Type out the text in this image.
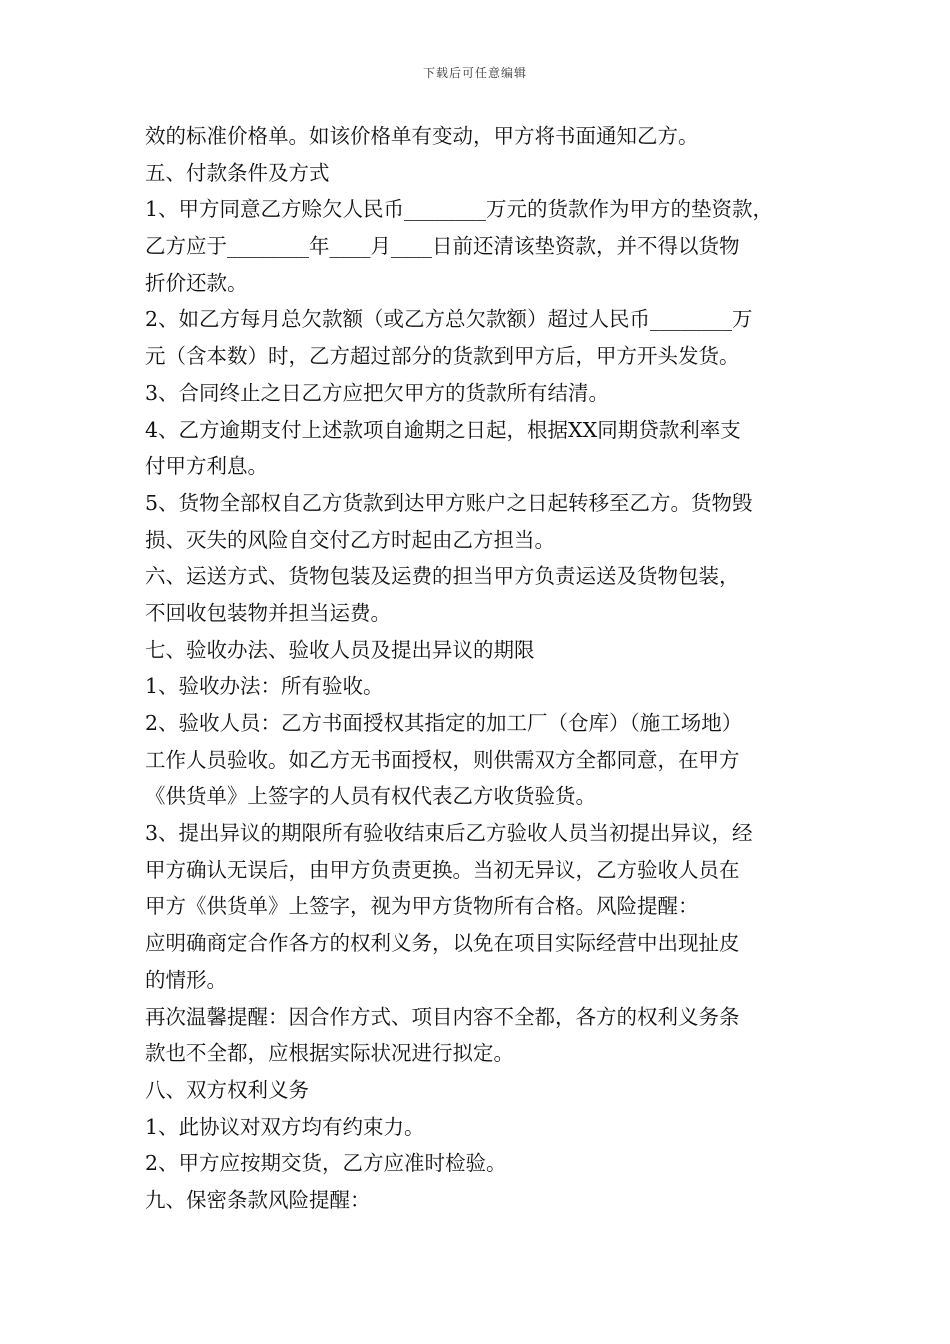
下载后可任意编辑
效的标准价格单。如该价格单有变动，甲方将书面通知乙方。
五、付款条件及方式
1、甲方同意乙方赊欠人民币________万元的货款作为甲方的垫资款，
乙方应于________年____月____日前还清该垫资款，并不得以货物
折价还款。
2、如乙方每月总欠款额（或乙方总欠款额）超过人民币________万
元（含本数）时，乙方超过部分的货款到甲方后，甲方开头发货。
3、合同终止之日乙方应把欠甲方的货款所有结清。
4、乙方逾期支付上述款项自逾期之日起，根据XX同期贷款利率支
付甲方利息。
5、货物全部权自乙方货款到达甲方账户之日起转移至乙方。货物毁
损、灭失的风险自交付乙方时起由乙方担当。
六、运送方式、货物包装及运费的担当甲方负责运送及货物包装，
不回收包装物并担当运费。
七、验收办法、验收人员及提出异议的期限
1、验收办法：所有验收。
2、验收人员：乙方书面授权其指定的加工厂（仓库）（施工场地）
工作人员验收。如乙方无书面授权，则供需双方全都同意，在甲方
《供货单》上签字的人员有权代表乙方收货验货。
3、提出异议的期限所有验收结束后乙方验收人员当初提出异议，经
甲方确认无误后，由甲方负责更换。当初无异议，乙方验收人员在
甲方《供货单》上签字，视为甲方货物所有合格。风险提醒：
应明确商定合作各方的权利义务，以免在项目实际经营中出现扯皮
的情形。
再次温馨提醒：因合作方式、项目内容不全都，各方的权利义务条
款也不全都，应根据实际状况进行拟定。
八、双方权利义务
1、此协议对双方均有约束力。
2、甲方应按期交货，乙方应准时检验。
九、保密条款风险提醒：
